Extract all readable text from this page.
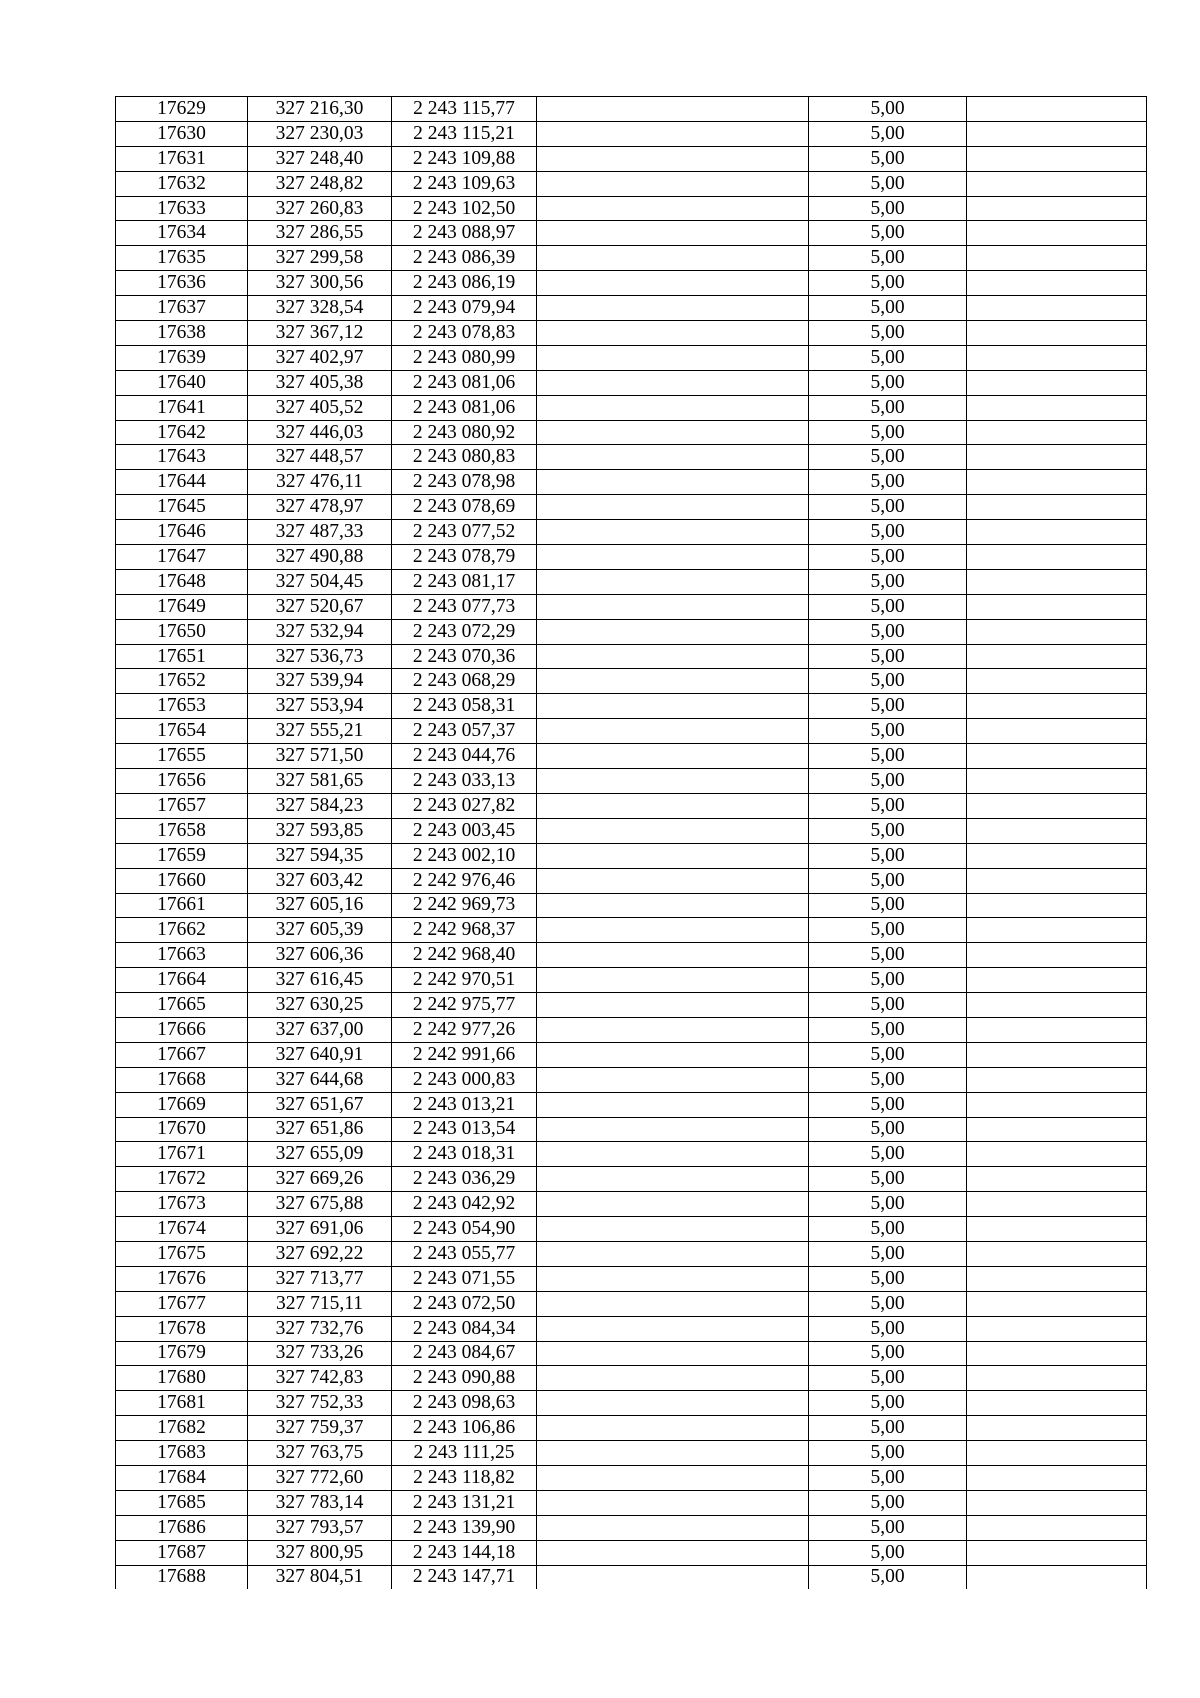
17629	327 216,30	2 243 115,77		5,00	
17630	327 230,03	2 243 115,21		5,00	
17631	327 248,40	2 243 109,88		5,00	
17632	327 248,82	2 243 109,63		5,00	
17633	327 260,83	2 243 102,50		5,00	
17634	327 286,55	2 243 088,97		5,00	
17635	327 299,58	2 243 086,39		5,00	
17636	327 300,56	2 243 086,19		5,00	
17637	327 328,54	2 243 079,94		5,00	
17638	327 367,12	2 243 078,83		5,00	
17639	327 402,97	2 243 080,99		5,00	
17640	327 405,38	2 243 081,06		5,00	
17641	327 405,52	2 243 081,06		5,00	
17642	327 446,03	2 243 080,92		5,00	
17643	327 448,57	2 243 080,83		5,00	
17644	327 476,11	2 243 078,98		5,00	
17645	327 478,97	2 243 078,69		5,00	
17646	327 487,33	2 243 077,52		5,00	
17647	327 490,88	2 243 078,79		5,00	
17648	327 504,45	2 243 081,17		5,00	
17649	327 520,67	2 243 077,73		5,00	
17650	327 532,94	2 243 072,29		5,00	
17651	327 536,73	2 243 070,36		5,00	
17652	327 539,94	2 243 068,29		5,00	
17653	327 553,94	2 243 058,31		5,00	
17654	327 555,21	2 243 057,37		5,00	
17655	327 571,50	2 243 044,76		5,00	
17656	327 581,65	2 243 033,13		5,00	
17657	327 584,23	2 243 027,82		5,00	
17658	327 593,85	2 243 003,45		5,00	
17659	327 594,35	2 243 002,10		5,00	
17660	327 603,42	2 242 976,46		5,00	
17661	327 605,16	2 242 969,73		5,00	
17662	327 605,39	2 242 968,37		5,00	
17663	327 606,36	2 242 968,40		5,00	
17664	327 616,45	2 242 970,51		5,00	
17665	327 630,25	2 242 975,77		5,00	
17666	327 637,00	2 242 977,26		5,00	
17667	327 640,91	2 242 991,66		5,00	
17668	327 644,68	2 243 000,83		5,00	
17669	327 651,67	2 243 013,21		5,00	
17670	327 651,86	2 243 013,54		5,00	
17671	327 655,09	2 243 018,31		5,00	
17672	327 669,26	2 243 036,29		5,00	
17673	327 675,88	2 243 042,92		5,00	
17674	327 691,06	2 243 054,90		5,00	
17675	327 692,22	2 243 055,77		5,00	
17676	327 713,77	2 243 071,55		5,00	
17677	327 715,11	2 243 072,50		5,00	
17678	327 732,76	2 243 084,34		5,00	
17679	327 733,26	2 243 084,67		5,00	
17680	327 742,83	2 243 090,88		5,00	
17681	327 752,33	2 243 098,63		5,00	
17682	327 759,37	2 243 106,86		5,00	
17683	327 763,75	2 243 111,25		5,00	
17684	327 772,60	2 243 118,82		5,00	
17685	327 783,14	2 243 131,21		5,00	
17686	327 793,57	2 243 139,90		5,00	
17687	327 800,95	2 243 144,18		5,00	
17688	327 804,51	2 243 147,71		5,00	
